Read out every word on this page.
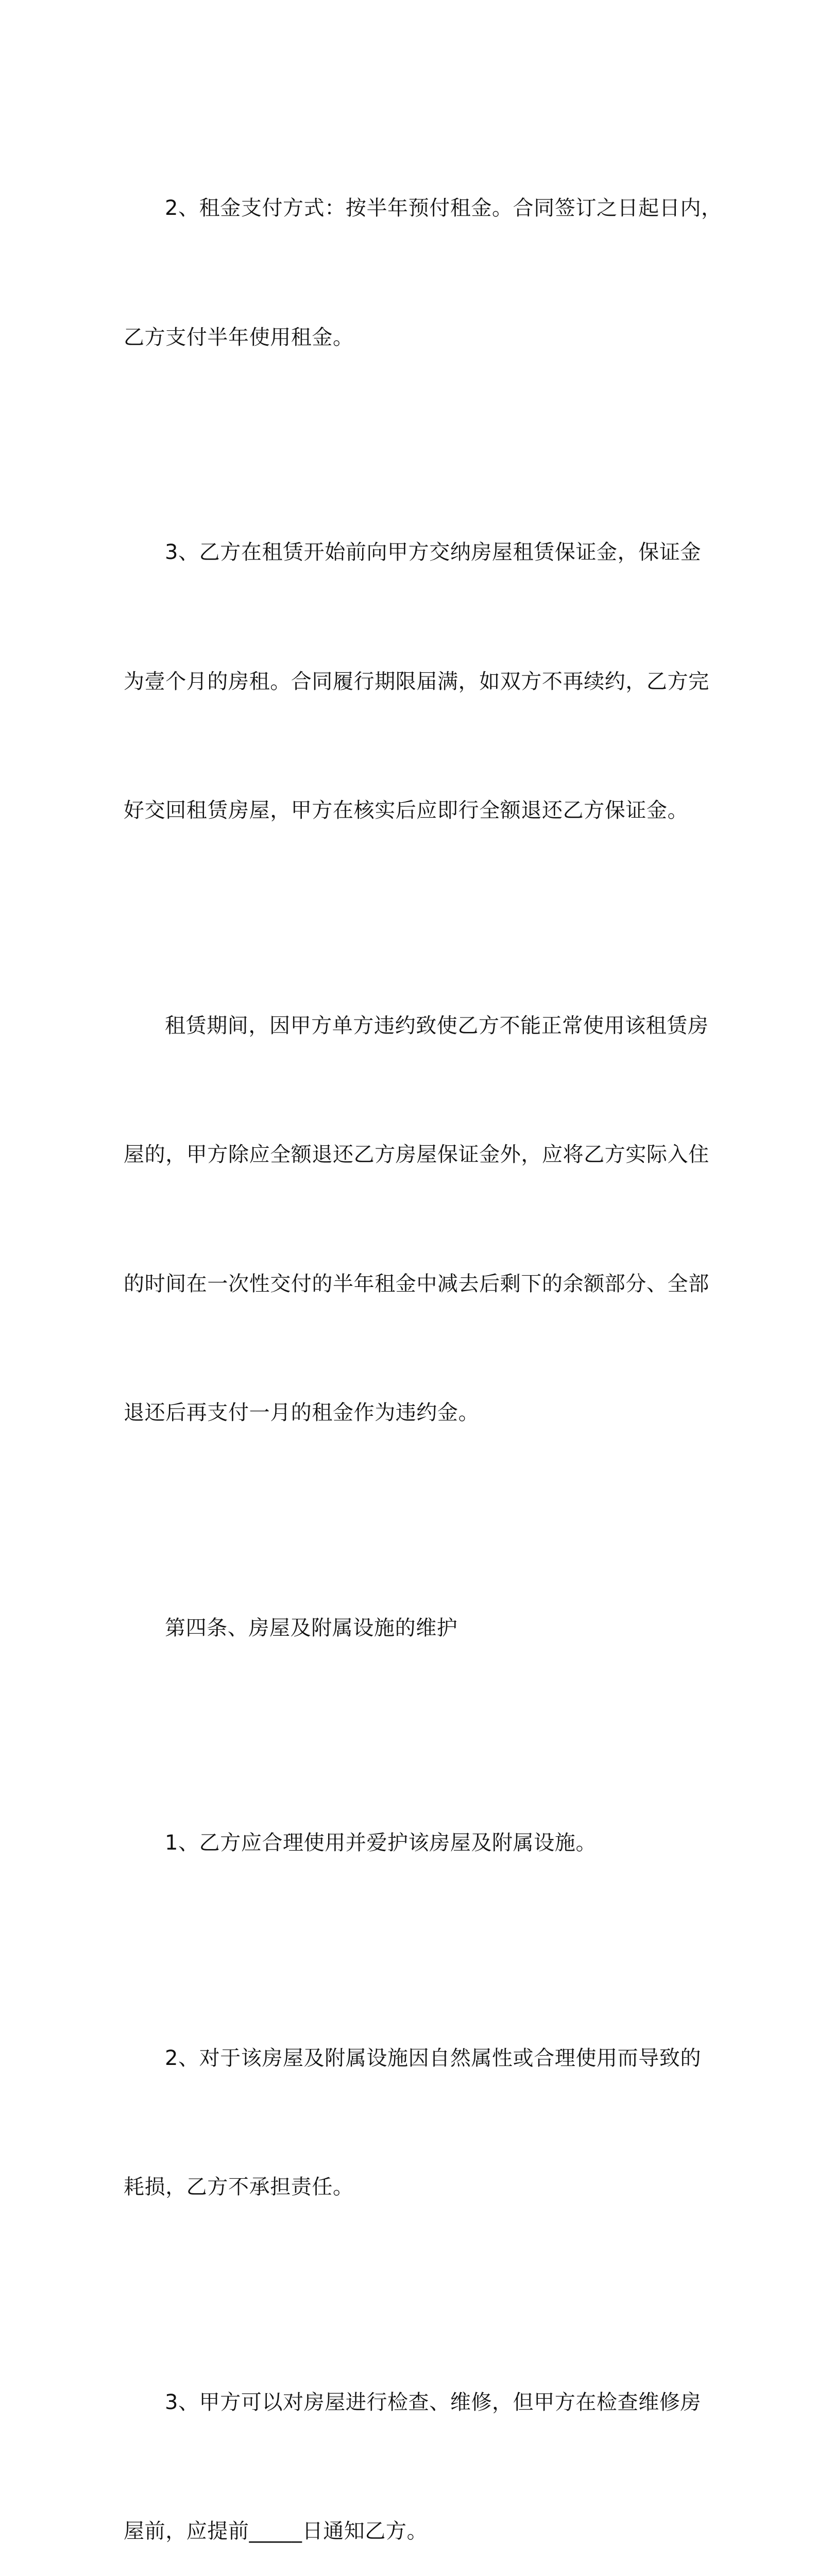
2、租金支付方式：按半年预付租金。合同签订之日起日内，

乙方支付半年使用租金。

3、乙方在租赁开始前向甲方交纳房屋租赁保证金，保证金

为壹个月的房租。合同履行期限届满，如双方不再续约，乙方完

好交回租赁房屋，甲方在核实后应即行全额退还乙方保证金。

租赁期间，因甲方单方违约致使乙方不能正常使用该租赁房

屋的，甲方除应全额退还乙方房屋保证金外，应将乙方实际入住

的时间在一次性交付的半年租金中减去后剩下的余额部分、全部

退还后再支付一月的租金作为违约金。

第四条、房屋及附属设施的维护

1、乙方应合理使用并爱护该房屋及附属设施。

2、对于该房屋及附属设施因自然属性或合理使用而导致的

耗损，乙方不承担责任。

3、甲方可以对房屋进行检查、维修，但甲方在检查维修房

屋前，应提前_____日通知乙方。
